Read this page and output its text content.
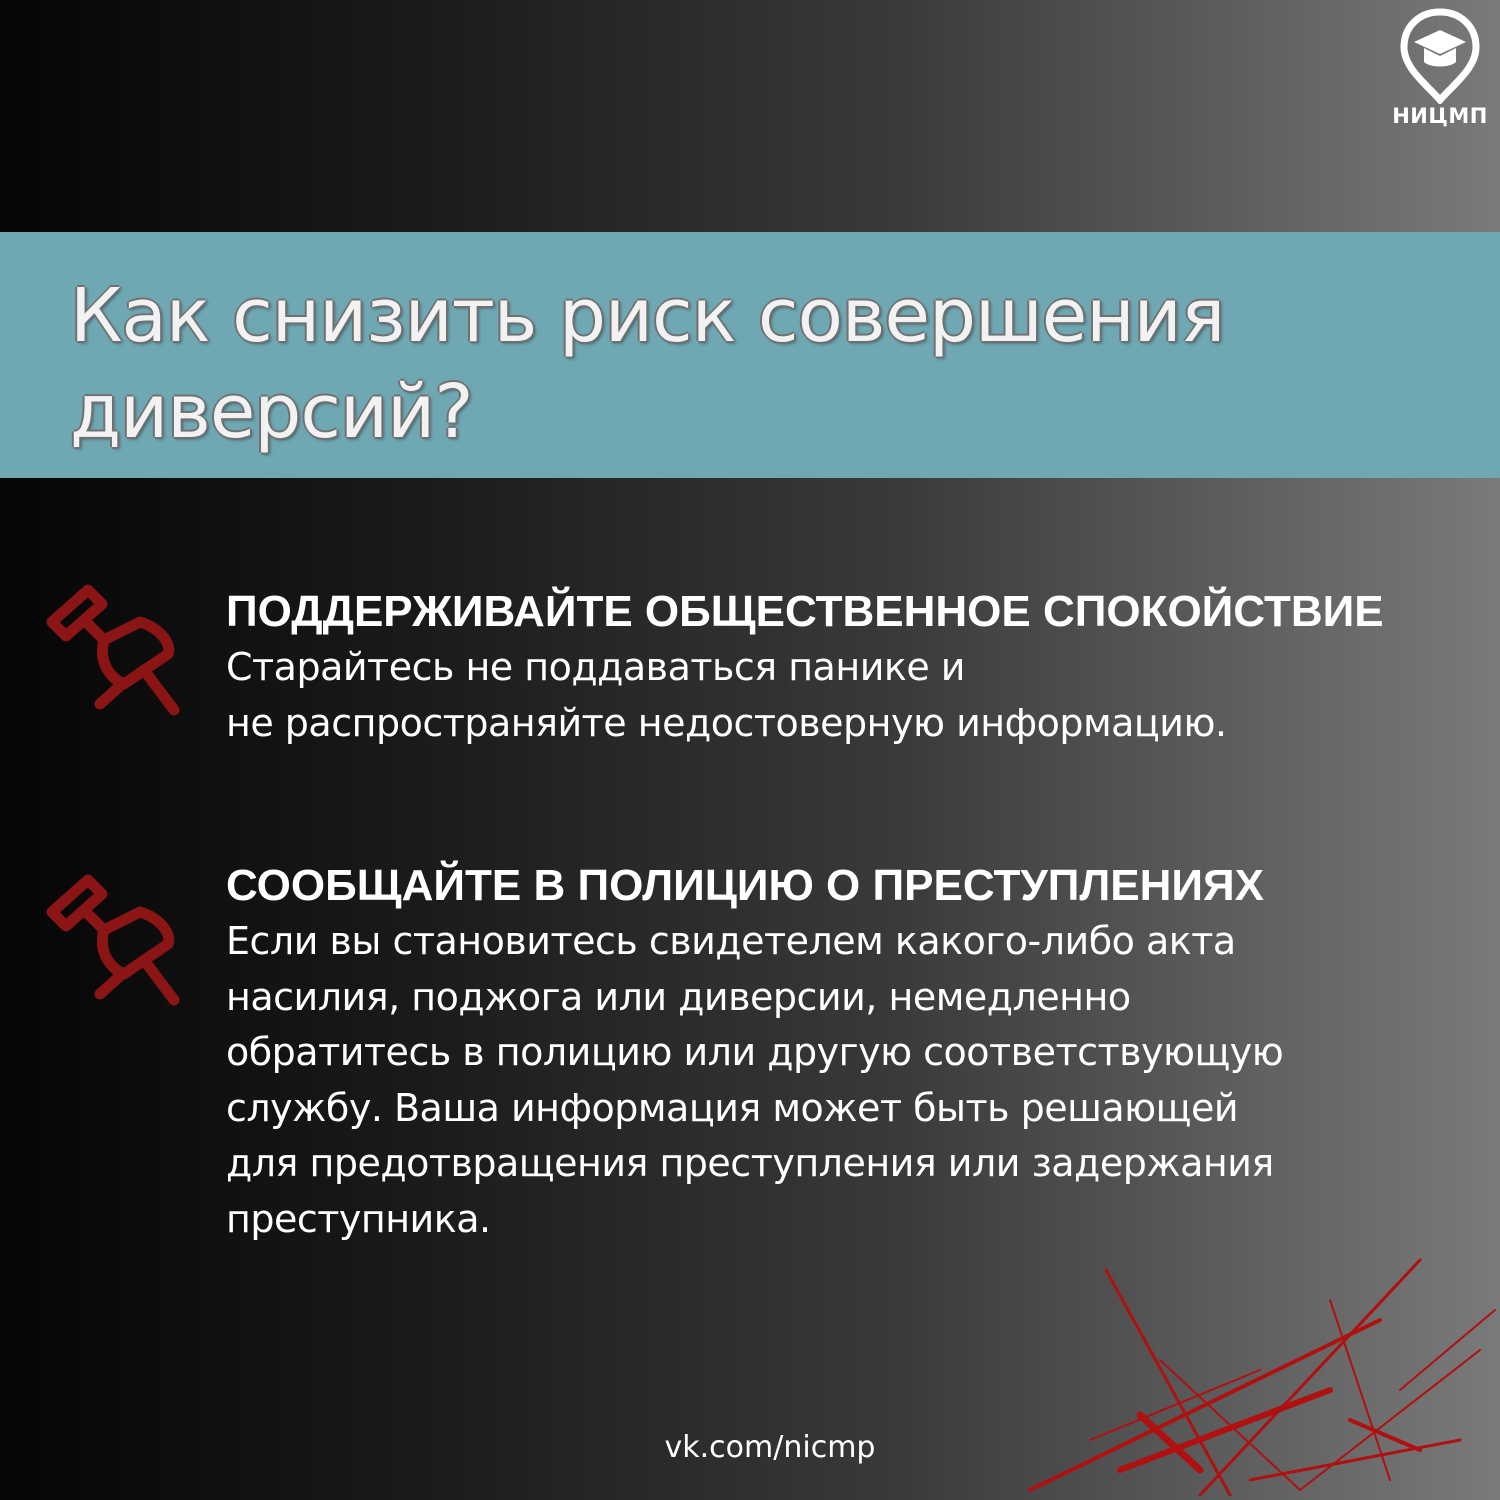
НИЦМП
Как снизить риск совершения диверсий?
ПОДДЕРЖИВАЙТЕ ОБЩЕСТВЕННОЕ СПОКОЙСТВИЕ
Старайтесь не поддаваться панике и
не распространяйте недостоверную информацию.
СООБЩАЙТЕ В ПОЛИЦИЮ О ПРЕСТУПЛЕНИЯХ
Если вы становитесь свидетелем какого-либо акта
насилия, поджога или диверсии, немедленно
обратитесь в полицию или другую соответствующую
службу. Ваша информация может быть решающей
для предотвращения преступления или задержания
преступника.
vk.com/nicmp
